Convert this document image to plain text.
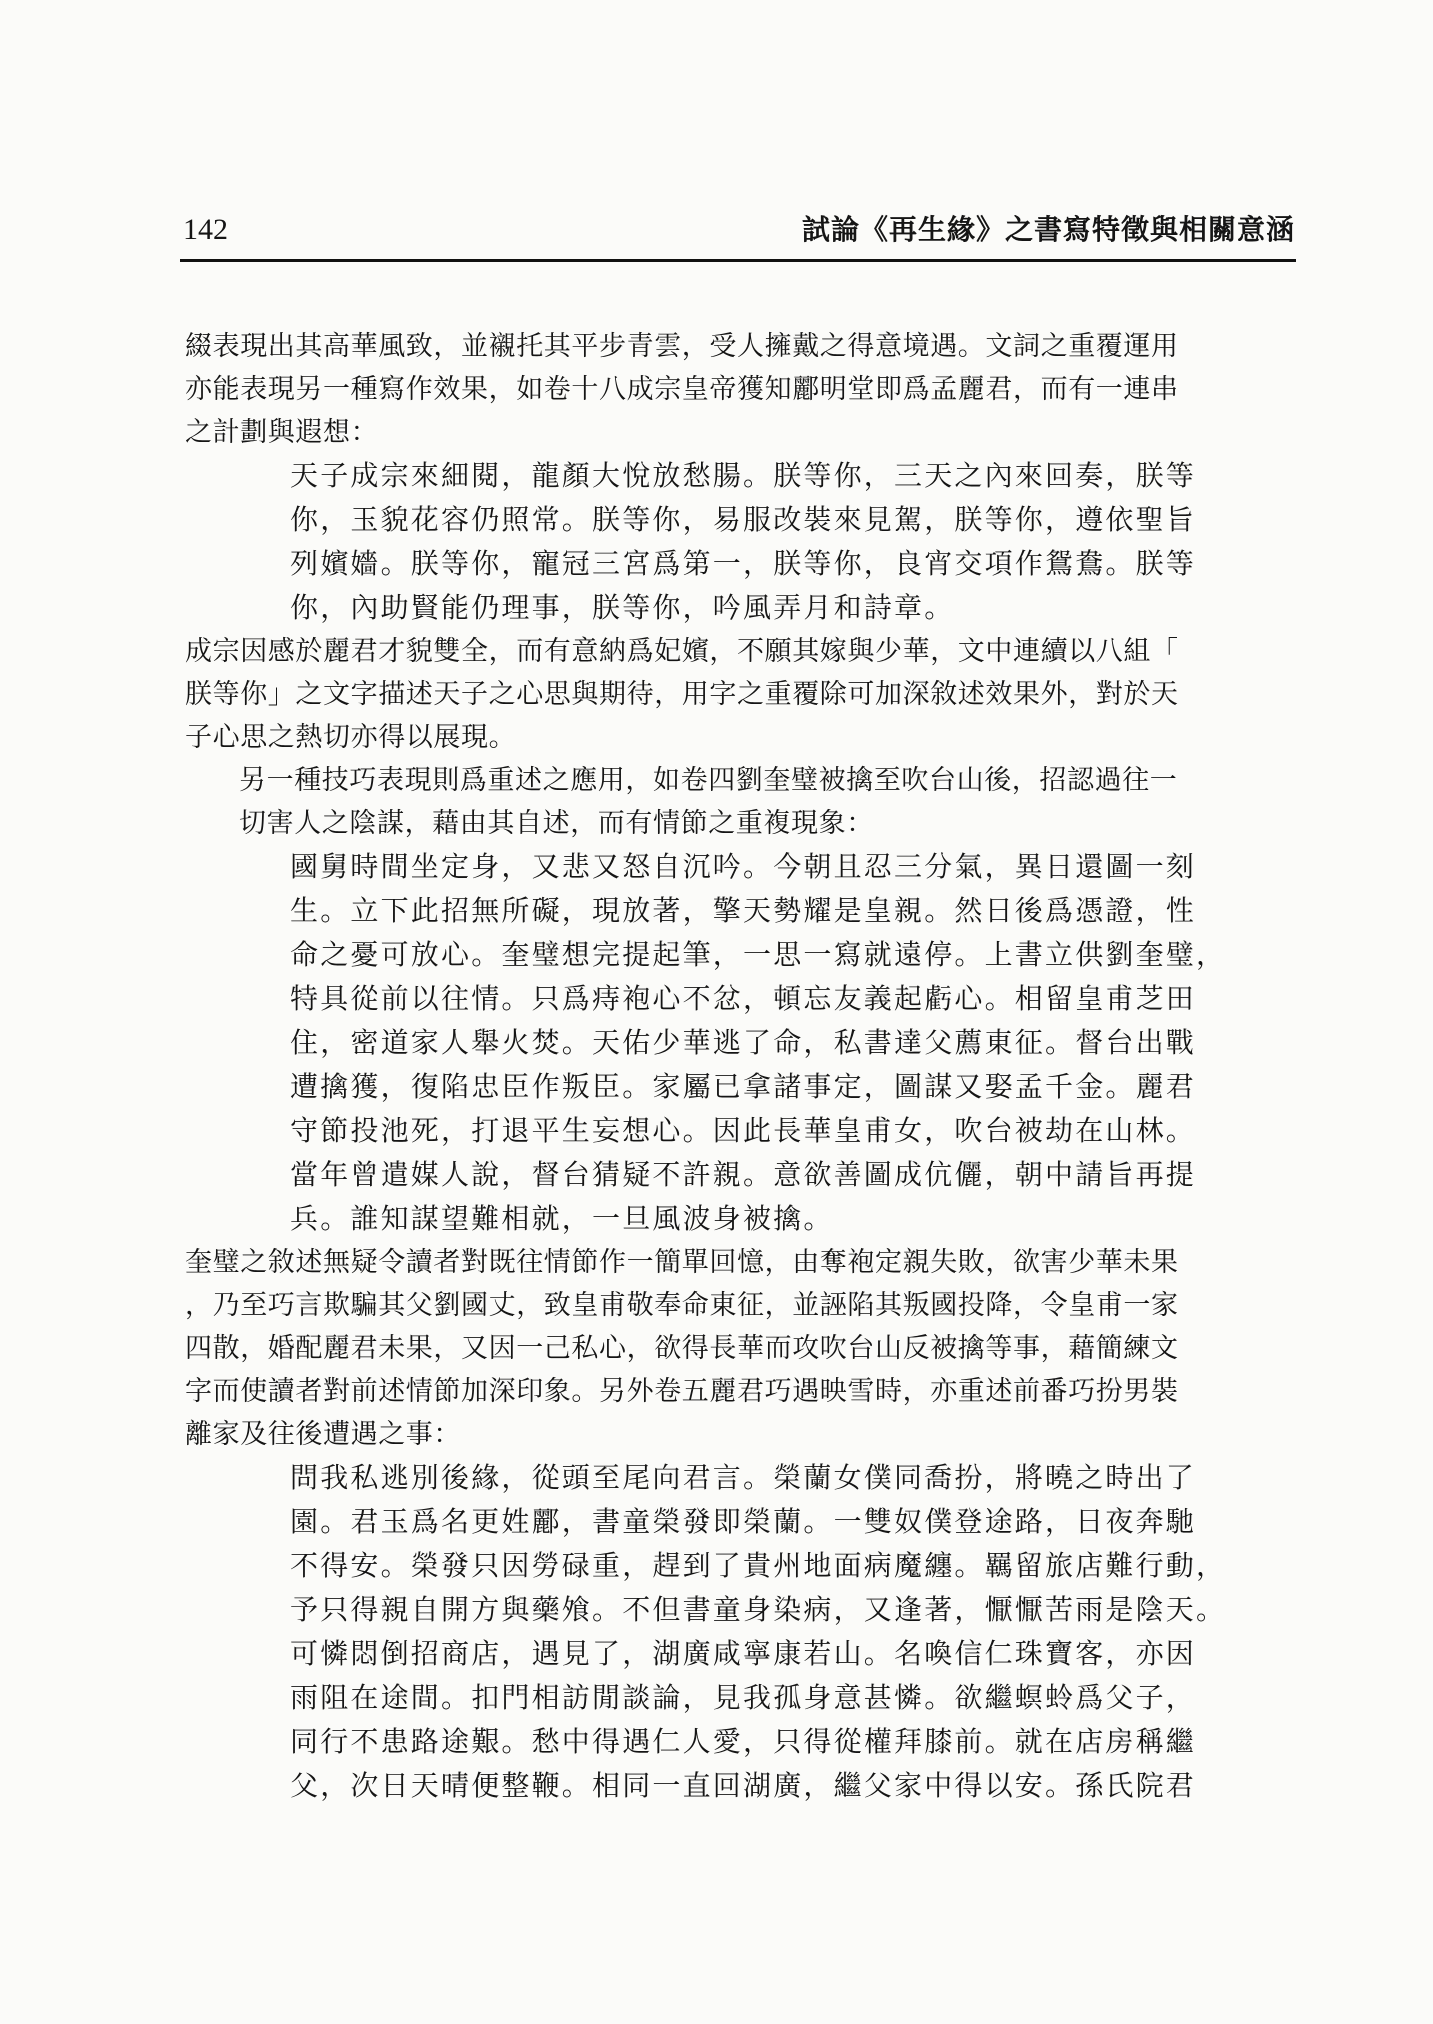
142	試論《再生緣》之書寫特徵與相關意涵
綴表現出其高華風致，並襯托其平步青雲，受人擁戴之得意境遇。文詞之重覆運用
亦能表現另一種寫作效果，如卷十八成宗皇帝獲知酈明堂即爲孟麗君，而有一連串
之計劃與遐想：
天子成宗來細閱，龍顏大悅放愁腸。朕等你，三天之內來回奏，朕等
你，玉貌花容仍照常。朕等你，易服改裝來見駕，朕等你，遵依聖旨
列嬪嬙。朕等你，寵冠三宮爲第一，朕等你，良宵交項作鴛鴦。朕等
你，內助賢能仍理事，朕等你，吟風弄月和詩章。
成宗因感於麗君才貌雙全，而有意納爲妃嬪，不願其嫁與少華，文中連續以八組「
朕等你」之文字描述天子之心思與期待，用字之重覆除可加深敘述效果外，對於天
子心思之熱切亦得以展現。
另一種技巧表現則爲重述之應用，如卷四劉奎璧被擒至吹台山後，招認過往一
切害人之陰謀，藉由其自述，而有情節之重複現象：
國舅時間坐定身，又悲又怒自沉吟。今朝且忍三分氣，異日還圖一刻
生。立下此招無所礙，現放著，擎天勢耀是皇親。然日後爲憑證，性
命之憂可放心。奎璧想完提起筆，一思一寫就遠停。上書立供劉奎璧，
特具從前以往情。只爲痔袍心不忿，頓忘友義起虧心。相留皇甫芝田
住，密道家人舉火焚。天佑少華逃了命，私書達父薦東征。督台出戰
遭擒獲，復陷忠臣作叛臣。家屬已拿諸事定，圖謀又娶孟千金。麗君
守節投池死，打退平生妄想心。因此長華皇甫女，吹台被劫在山林。
當年曾遣媒人說，督台猜疑不許親。意欲善圖成伉儷，朝中請旨再提
兵。誰知謀望難相就，一旦風波身被擒。
奎璧之敘述無疑令讀者對既往情節作一簡單回憶，由奪袍定親失敗，欲害少華未果
，乃至巧言欺騙其父劉國丈，致皇甫敬奉命東征，並誣陷其叛國投降，令皇甫一家
四散，婚配麗君未果，又因一己私心，欲得長華而攻吹台山反被擒等事，藉簡練文
字而使讀者對前述情節加深印象。另外卷五麗君巧遇映雪時，亦重述前番巧扮男裝
離家及往後遭遇之事：
問我私逃別後緣，從頭至尾向君言。榮蘭女僕同喬扮，將曉之時出了
園。君玉爲名更姓酈，書童榮發即榮蘭。一雙奴僕登途路，日夜奔馳
不得安。榮發只因勞碌重，趕到了貴州地面病魔纏。羈留旅店難行動，
予只得親自開方與藥飧。不但書童身染病，又逢著，懨懨苦雨是陰天。
可憐悶倒招商店，遇見了，湖廣咸寧康若山。名喚信仁珠寶客，亦因
雨阻在途間。扣門相訪閒談論，見我孤身意甚憐。欲繼螟蛉爲父子，
同行不患路途艱。愁中得遇仁人愛，只得從權拜膝前。就在店房稱繼
父，次日天晴便整鞭。相同一直回湖廣，繼父家中得以安。孫氏院君
